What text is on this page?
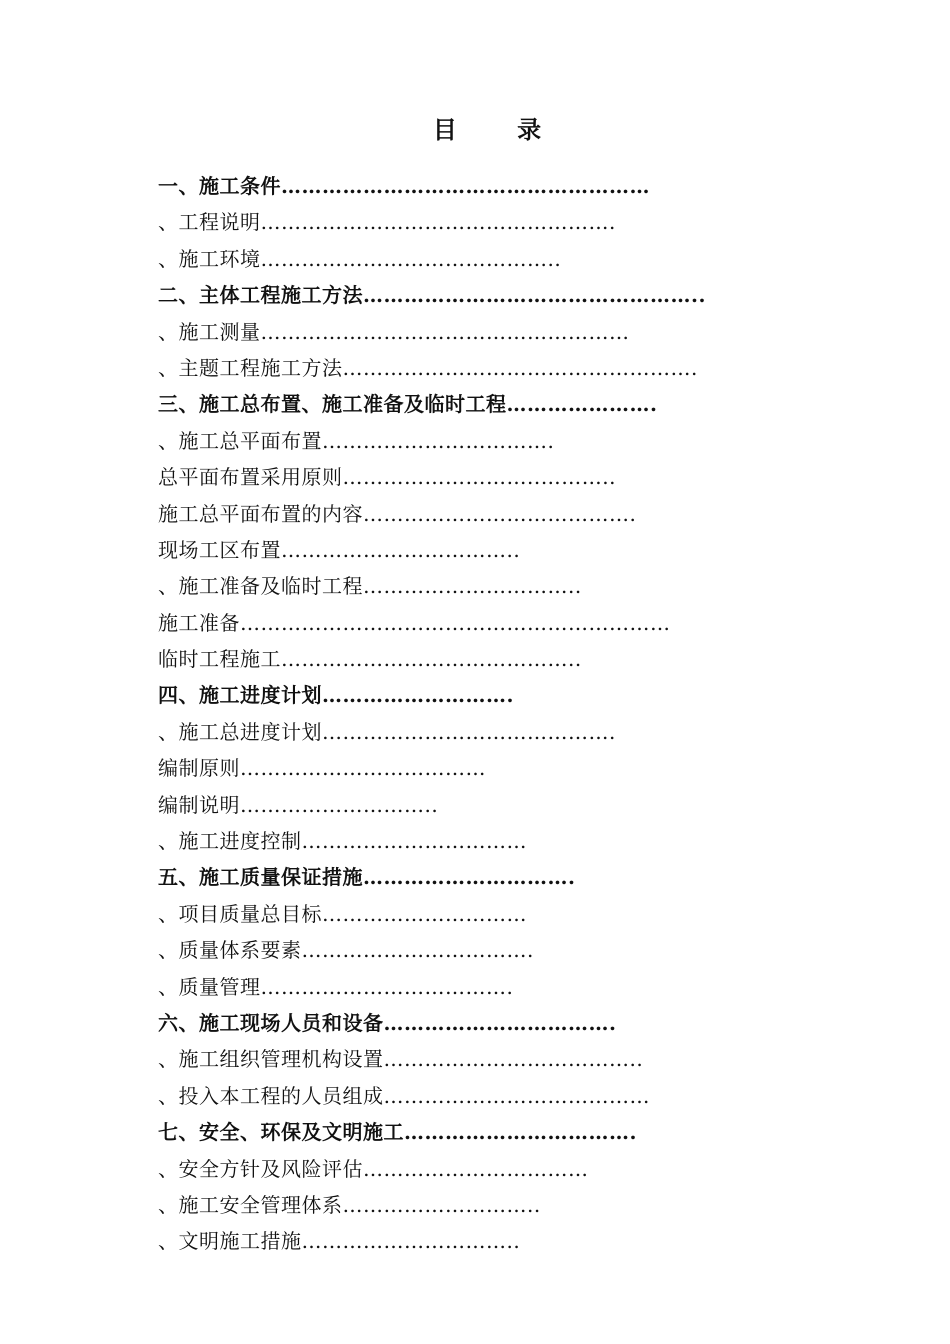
目 录
一、施工条件………………………………………………
、工程说明…………………………………………….
、施工环境……………………………………..
二、主体工程施工方法…………………………………………..
、施工测量………………………………………………
、主题工程施工方法…………………………………………….
三、施工总布置、施工准备及临时工程………………….
、施工总平面布置…………………………….
总平面布置采用原则………………………..………..
施工总平面布置的内容………………………………….
现场工区布置……………………………..
、施工准备及临时工程…………………………..
施工准备………………………………………………………
临时工程施工……………………………………..
四、施工进度计划……………………….
、施工总进度计划…………………………………….
编制原则………………………………
编制说明………………………..
、施工进度控制……………………………
五、施工质量保证措施………………………….
、项目质量总目标…………………………
、质量体系要素…………………………….
、质量管理……………………………….
六、施工现场人员和设备…………………………….
、施工组织管理机构设置………………………………..
、投入本工程的人员组成…………………………………
七、安全、环保及文明施工…………………………….
、安全方针及风险评估……………………………
、施工安全管理体系………………………..
、文明施工措施…………………………..
